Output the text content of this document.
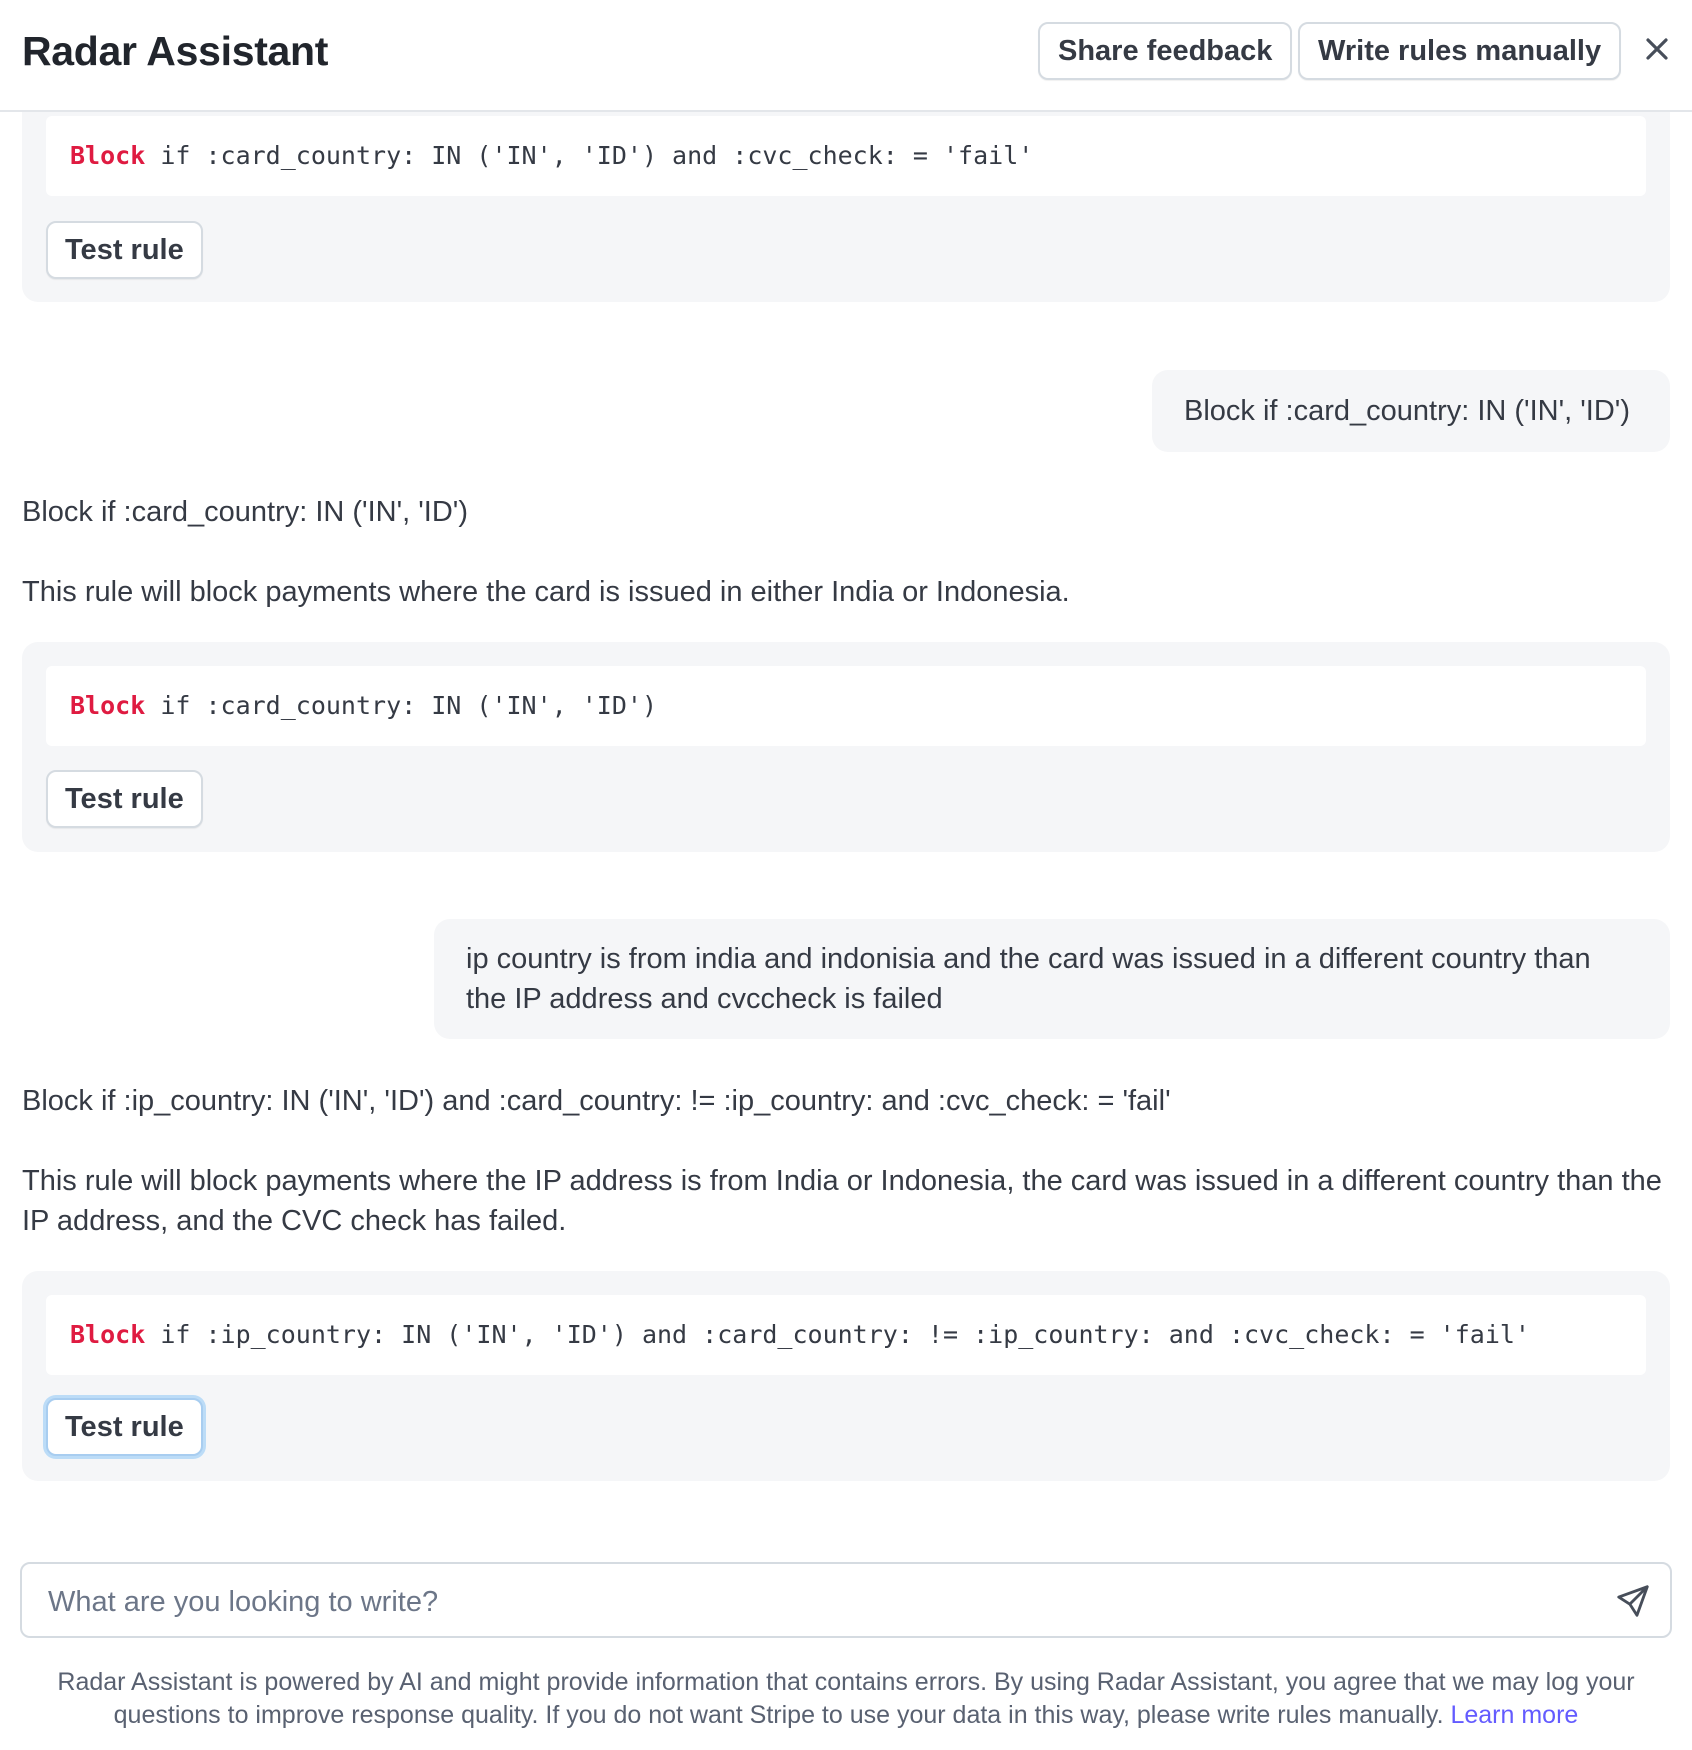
Radar Assistant	Share feedback	Write rules manually
Block if :card_country: IN ('IN', 'ID') and :cvc_check: = 'fail'
Test rule
Block if :card_country: IN ('IN', 'ID')
Block if :card_country: IN ('IN', 'ID')
This rule will block payments where the card is issued in either India or Indonesia.
Block if :card_country: IN ('IN', 'ID')
Test rule
ip country is from india and indonisia and the card was issued in a different country than the IP address and cvccheck is failed
Block if :ip_country: IN ('IN', 'ID') and :card_country: != :ip_country: and :cvc_check: = 'fail'
This rule will block payments where the IP address is from India or Indonesia, the card was issued in a different country than the IP address, and the CVC check has failed.
Block if :ip_country: IN ('IN', 'ID') and :card_country: != :ip_country: and :cvc_check: = 'fail'
Test rule
What are you looking to write?
Radar Assistant is powered by AI and might provide information that contains errors. By using Radar Assistant, you agree that we may log your questions to improve response quality. If you do not want Stripe to use your data in this way, please write rules manually. Learn more
